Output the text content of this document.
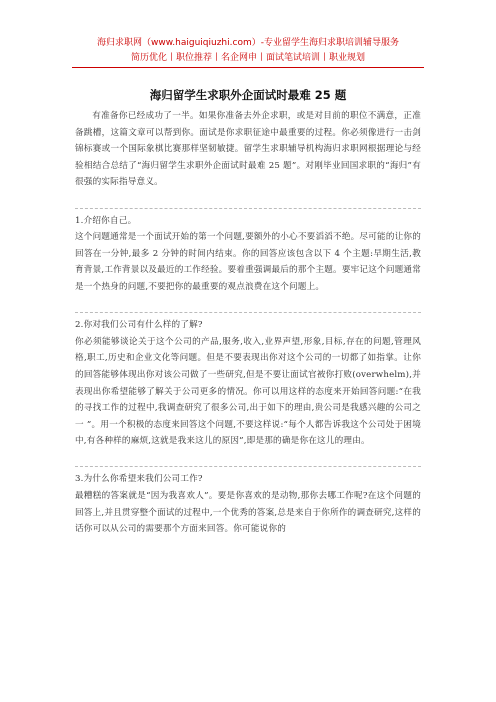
海归求职网（www.haiguiqiuzhi.com）-专业留学生海归求职培训辅导服务
简历优化丨职位推荐丨名企网申丨面试笔试培训丨职业规划
海归留学生求职外企面试时最难 25 题

有准备你已经成功了一半。如果你准备去外企求职，或是对目前的职位不满意，正准备跳槽，这篇文章可以帮到你。面试是你求职征途中最重要的过程。你必须像进行一击剑锦标赛或一个国际象棋比赛那样坚韧敏捷。留学生求职辅导机构海归求职网根据理论与经验相结合总结了“海归留学生求职外企面试时最难 25 题”。对刚毕业回国求职的“海归”有很强的实际指导意义。

1.介绍你自己。

这个问题通常是一个面试开始的第一个问题,要额外的小心不要滔滔不绝。尽可能的让你的回答在一分钟,最多 2 分钟的时间内结束。你的回答应该包含以下 4 个主题:早期生活,教育背景,工作背景以及最近的工作经验。要着重强调最后的那个主题。要牢记这个问题通常是一个热身的问题,不要把你的最重要的观点浪费在这个问题上。

2.你对我们公司有什么样的了解?

你必须能够谈论关于这个公司的产品,服务,收入,业界声望,形象,目标,存在的问题,管理风格,职工,历史和企业文化等问题。但是不要表现出你对这个公司的一切都了如指掌。让你的回答能够体现出你对该公司做了一些研究,但是不要让面试官被你打败(overwhelm),并表现出你希望能够了解关于公司更多的情况。你可以用这样的态度来开始回答问题:“在我的寻找工作的过程中,我调查研究了很多公司,出于如下的理由,贵公司是我感兴趣的公司之一 ”。用一个积极的态度来回答这个问题,不要这样说:“每个人都告诉我这个公司处于困境中,有各种样的麻烦,这就是我来这儿的原因”,即是那的确是你在这儿的理由。

3.为什么你希望来我们公司工作?

最糟糕的答案就是“因为我喜欢人”。要是你喜欢的是动物,那你去哪工作呢?在这个问题的回答上,并且贯穿整个面试的过程中,一个优秀的答案,总是来自于你所作的调查研究,这样的话你可以从公司的需要那个方面来回答。你可能说你的
